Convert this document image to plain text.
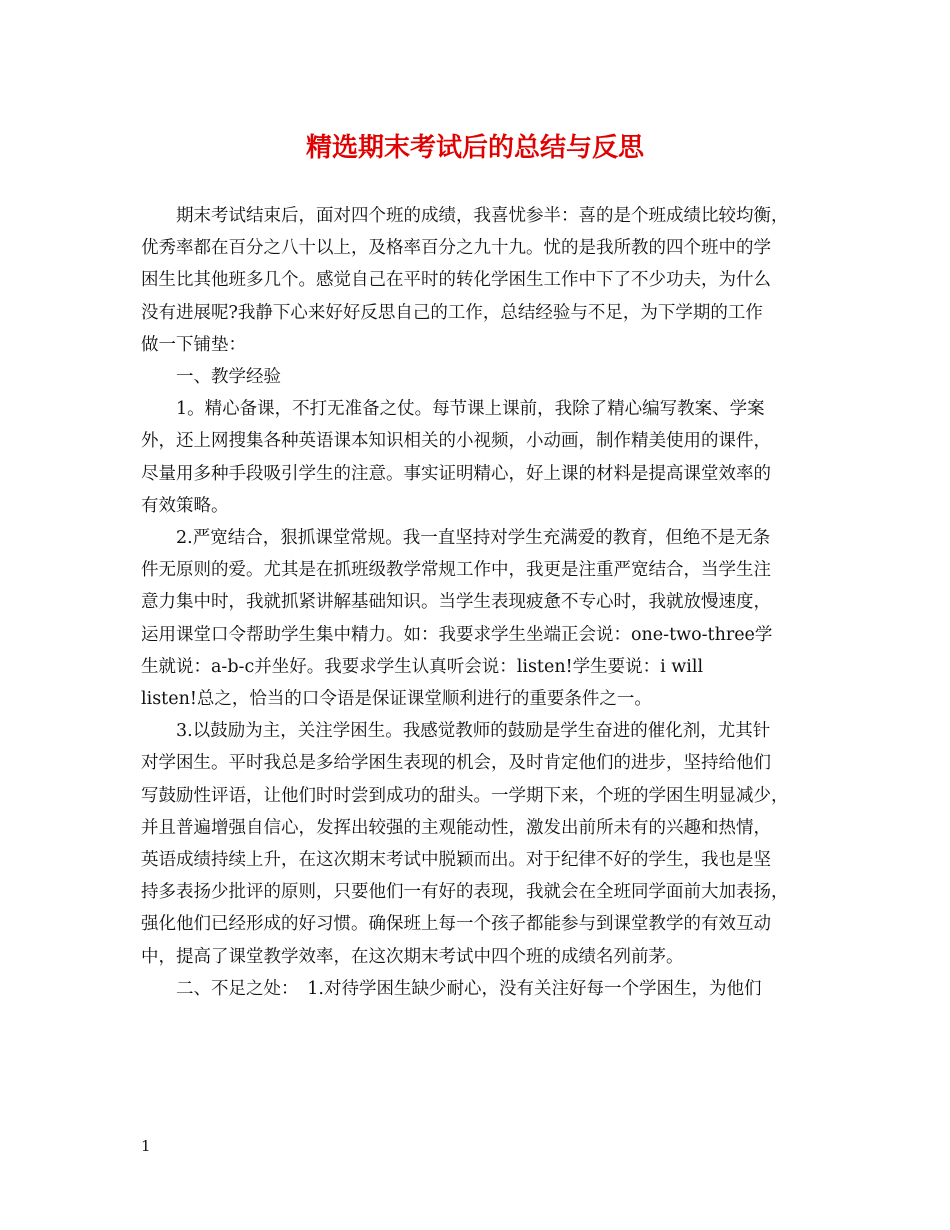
精选期末考试后的总结与反思

期末考试结束后，面对四个班的成绩，我喜忧参半：喜的是个班成绩比较均衡，
优秀率都在百分之八十以上，及格率百分之九十九。忧的是我所教的四个班中的学
困生比其他班多几个。感觉自己在平时的转化学困生工作中下了不少功夫，为什么
没有进展呢?我静下心来好好反思自己的工作，总结经验与不足，为下学期的工作
做一下铺垫：

一、教学经验

1。精心备课，不打无准备之仗。每节课上课前，我除了精心编写教案、学案
外，还上网搜集各种英语课本知识相关的小视频，小动画，制作精美使用的课件，
尽量用多种手段吸引学生的注意。事实证明精心，好上课的材料是提高课堂效率的
有效策略。

2.严宽结合，狠抓课堂常规。我一直坚持对学生充满爱的教育，但绝不是无条
件无原则的爱。尤其是在抓班级教学常规工作中，我更是注重严宽结合，当学生注
意力集中时，我就抓紧讲解基础知识。当学生表现疲惫不专心时，我就放慢速度，
运用课堂口令帮助学生集中精力。如：我要求学生坐端正会说：one-two-three学
生就说：a-b-c并坐好。我要求学生认真听会说：listen!学生要说：i will
listen!总之，恰当的口令语是保证课堂顺利进行的重要条件之一。

3.以鼓励为主，关注学困生。我感觉教师的鼓励是学生奋进的催化剂，尤其针
对学困生。平时我总是多给学困生表现的机会，及时肯定他们的进步，坚持给他们
写鼓励性评语，让他们时时尝到成功的甜头。一学期下来，个班的学困生明显减少，
并且普遍增强自信心，发挥出较强的主观能动性，激发出前所未有的兴趣和热情，
英语成绩持续上升，在这次期末考试中脱颖而出。对于纪律不好的学生，我也是坚
持多表扬少批评的原则，只要他们一有好的表现，我就会在全班同学面前大加表扬，
强化他们已经形成的好习惯。确保班上每一个孩子都能参与到课堂教学的有效互动
中，提高了课堂教学效率，在这次期末考试中四个班的成绩名列前茅。

二、不足之处：　1.对待学困生缺少耐心，没有关注好每一个学困生，为他们

1
